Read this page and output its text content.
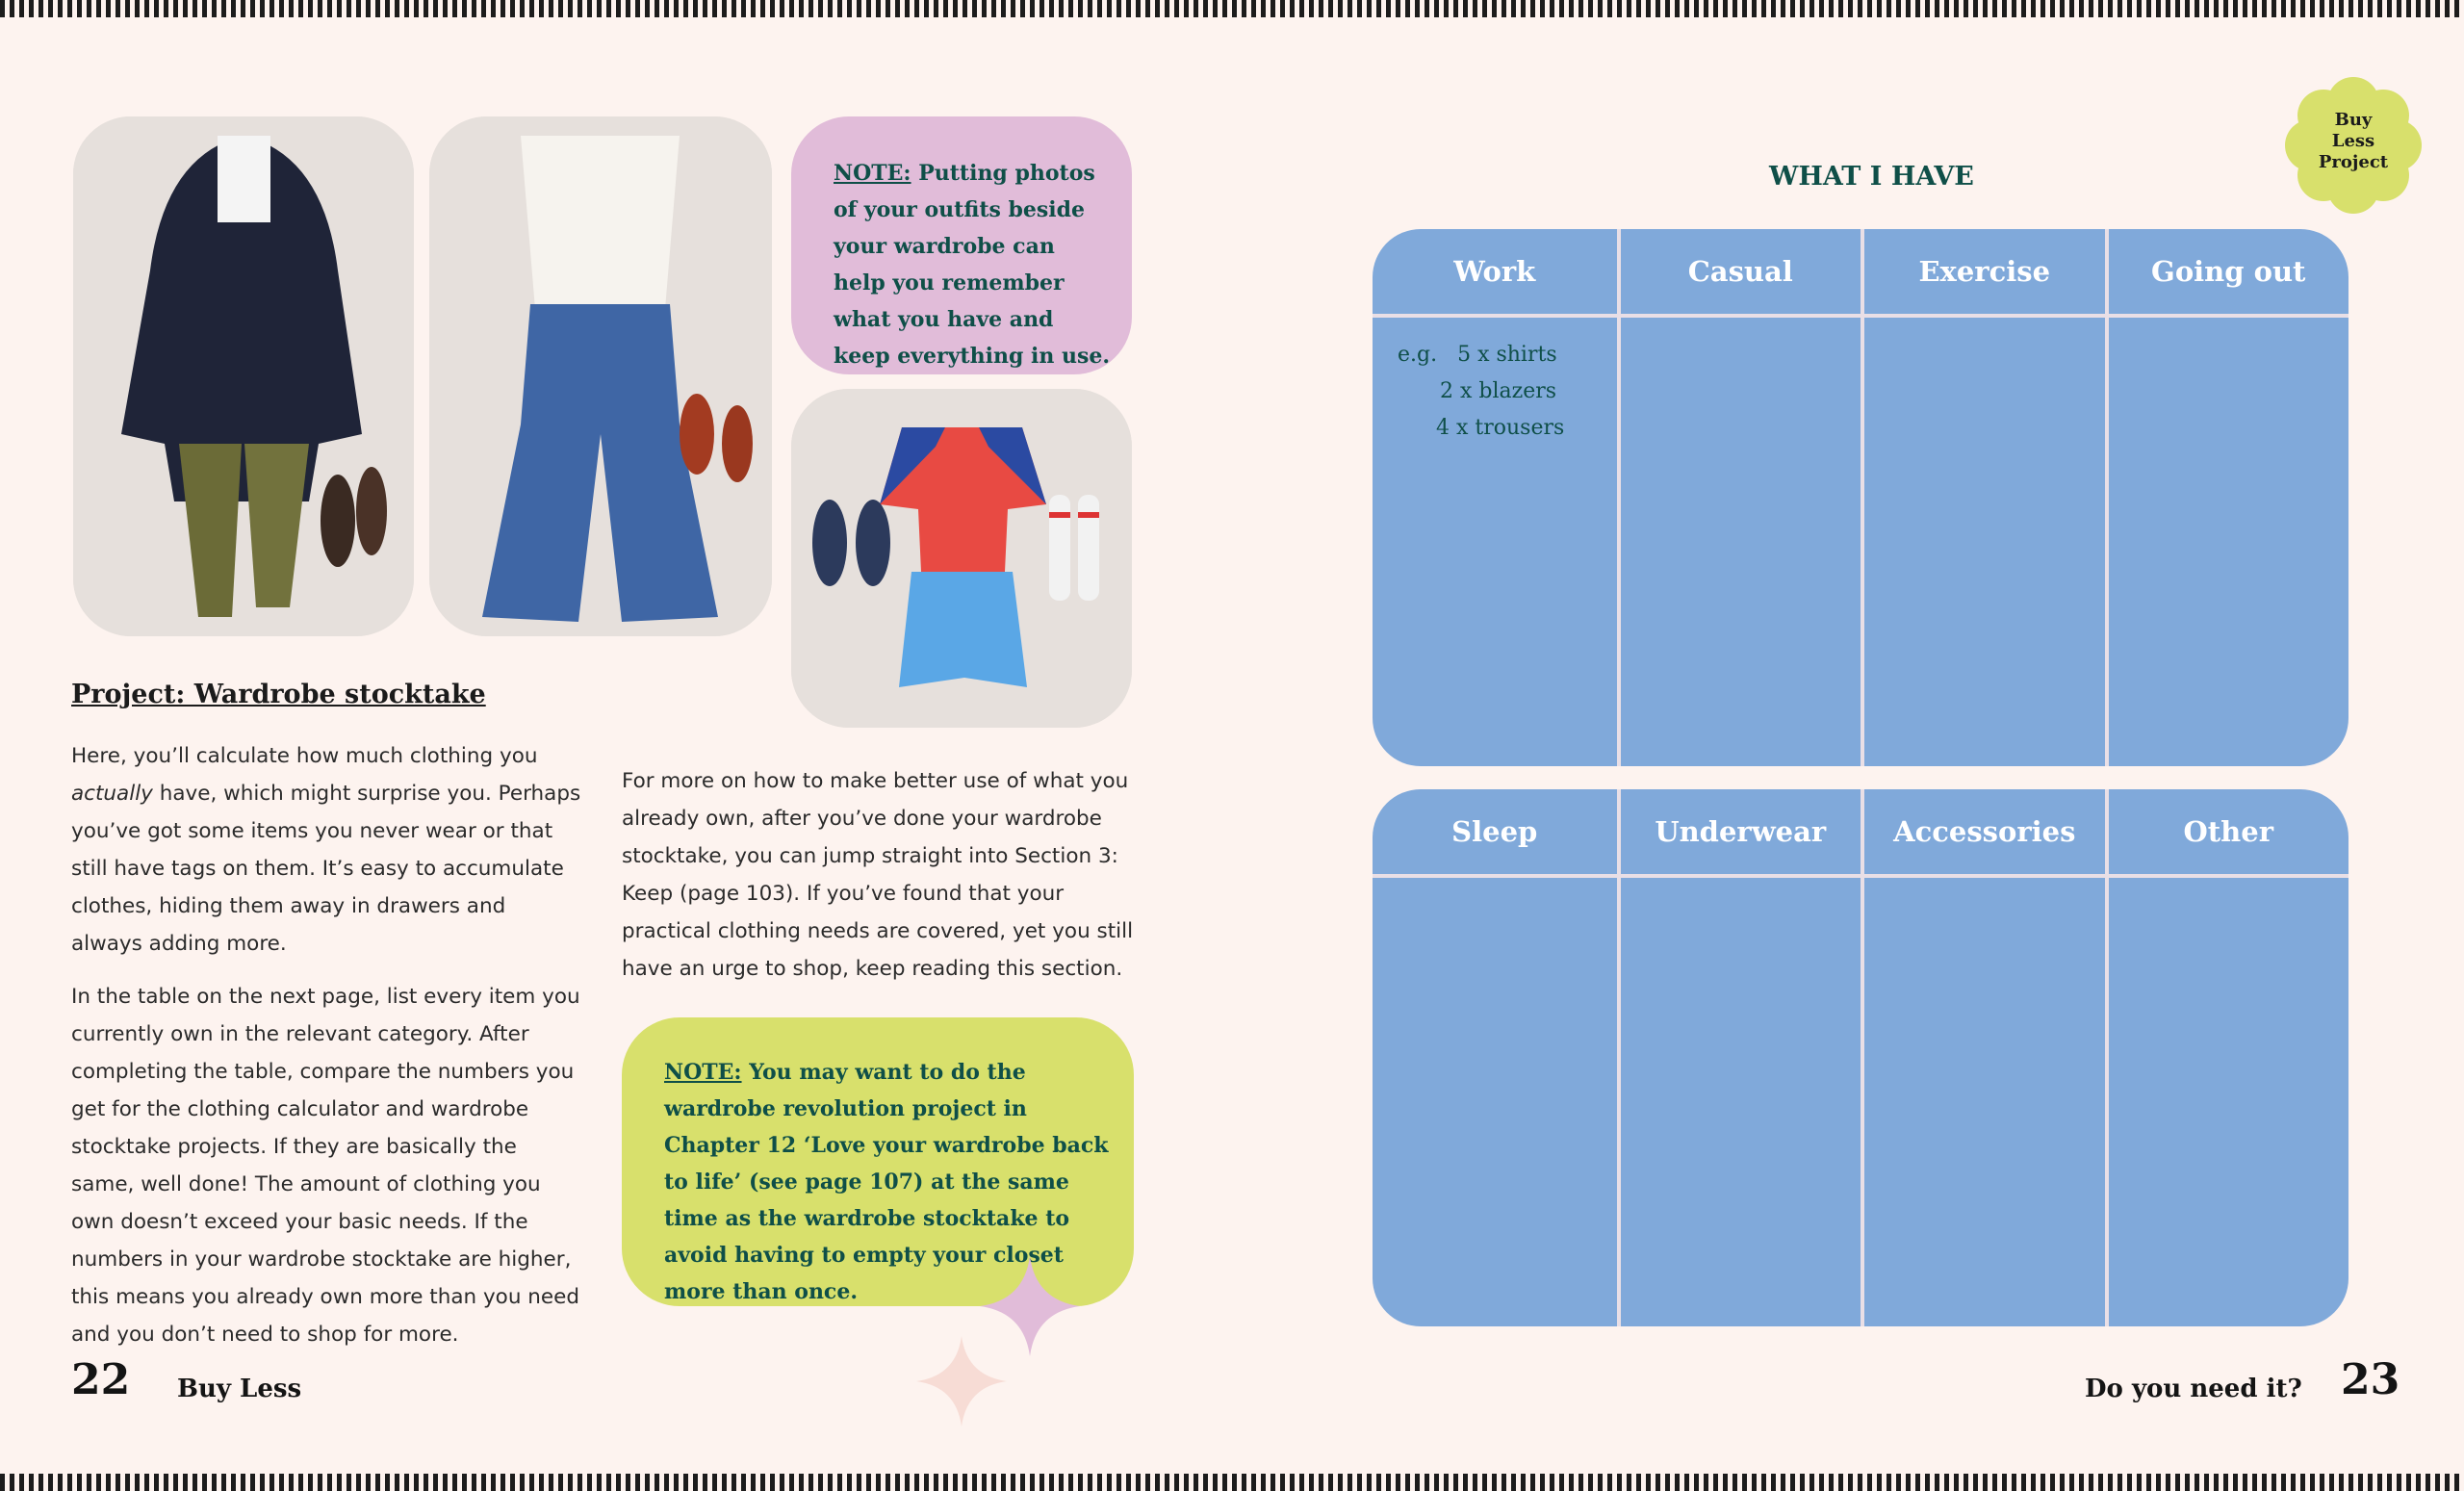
NOTE: Putting photos of your outfits beside your wardrobe can help you remember what you have and keep everything in use.
Project: Wardrobe stocktake

Here, you’ll calculate how much clothing you actually have, which might surprise you. Perhaps you’ve got some items you never wear or that still have tags on them. It’s easy to accumulate clothes, hiding them away in drawers and always adding more.

In the table on the next page, list every item you currently own in the relevant category. After completing the table, compare the numbers you get for the clothing calculator and wardrobe stocktake projects. If they are basically the same, well done! The amount of clothing you own doesn’t exceed your basic needs. If the numbers in your wardrobe stocktake are higher, this means you already own more than you need and you don’t need to shop for more.

For more on how to make better use of what you already own, after you’ve done your wardrobe stocktake, you can jump straight into Section 3: Keep (page 103). If you’ve found that your practical clothing needs are covered, yet you still have an urge to shop, keep reading this section.

NOTE: You may want to do the wardrobe revolution project in Chapter 12 ‘Love your wardrobe back to life’ (see page 107) at the same time as the wardrobe stocktake to avoid having to empty your closet more than once.
22 Buy Less
Buy
Less
Project
WHAT I HAVE
Work	Casual	Exercise	Going out
e.g. 5 x shirts
2 x blazers
4 x trousers
Sleep	Underwear	Accessories	Other
Do you need it? 23
